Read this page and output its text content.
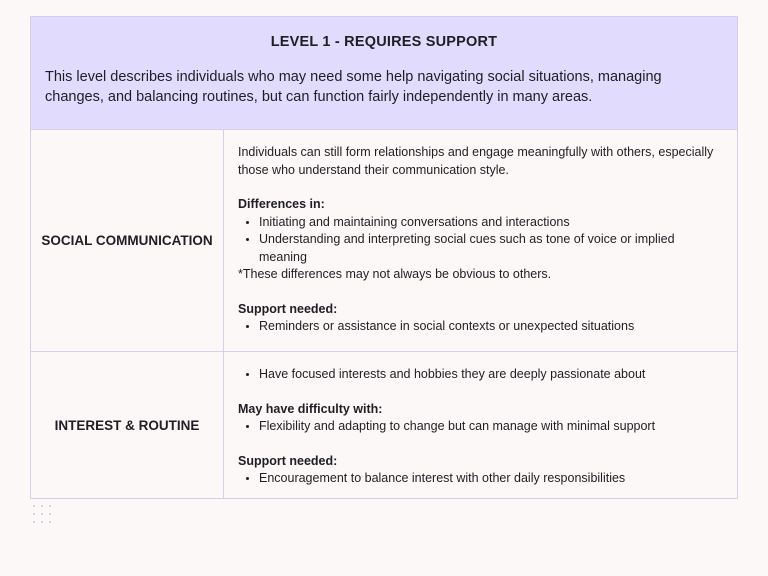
LEVEL 1 - REQUIRES SUPPORT

This level describes individuals who may need some help navigating social situations, managing changes, and balancing routines, but can function fairly independently in many areas.

SOCIAL COMMUNICATION

Individuals can still form relationships and engage meaningfully with others, especially those who understand their communication style.

Differences in:

• Initiating and maintaining conversations and interactions
• Understanding and interpreting social cues such as tone of voice or implied meaning

*These differences may not always be obvious to others.

Support needed:

• Reminders or assistance in social contexts or unexpected situations
INTEREST & ROUTINE
• Have focused interests and hobbies they are deeply passionate about

May have difficulty with:

• Flexibility and adapting to change but can manage with minimal support

Support needed:

• Encouragement to balance interest with other daily responsibilities
